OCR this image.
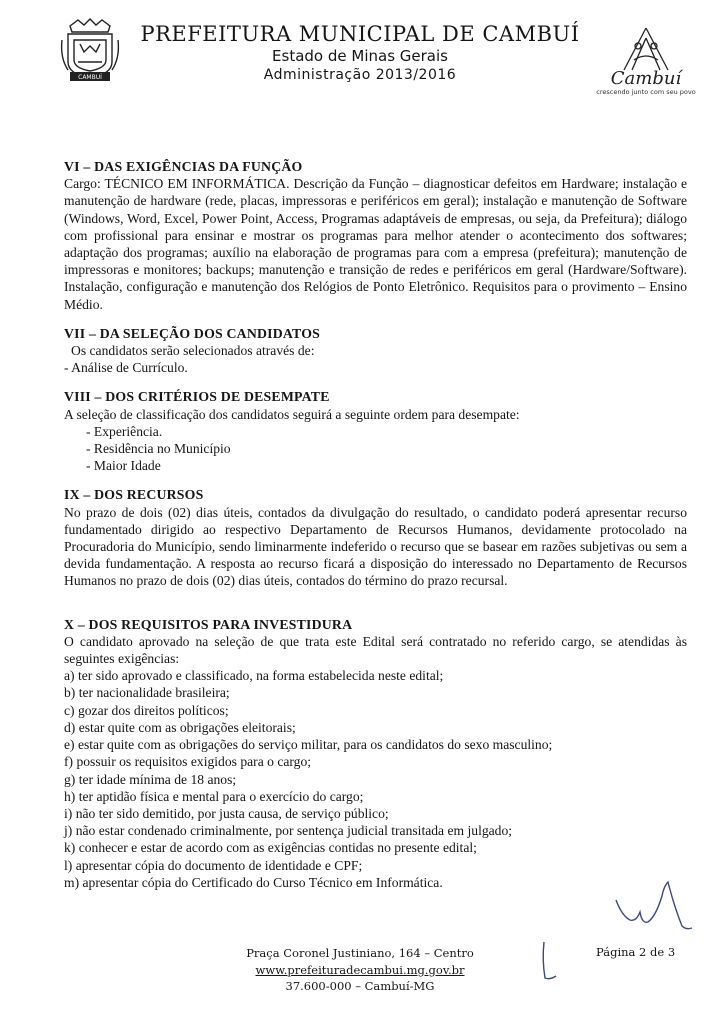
CAMBUÍ
PREFEITURA MUNICIPAL DE CAMBUÍ
Estado de Minas Gerais
Administração 2013/2016	Cambuí
crescendo junto com seu povo
VI – DAS EXIGÊNCIAS DA FUNÇÃO
Cargo: TÉCNICO EM INFORMÁTICA. Descrição da Função – diagnosticar defeitos em Hardware; instalação e manutenção de hardware (rede, placas, impressoras e periféricos em geral); instalação e manutenção de Software (Windows, Word, Excel, Power Point, Access, Programas adaptáveis de empresas, ou seja, da Prefeitura); diálogo com profissional para ensinar e mostrar os programas para melhor atender o acontecimento dos softwares; adaptação dos programas; auxílio na elaboração de programas para com a empresa (prefeitura); manutenção de impressoras e monitores; backups; manutenção e transição de redes e periféricos em geral (Hardware/Software). Instalação, configuração e manutenção dos Relógios de Ponto Eletrônico. Requisitos para o provimento – Ensino Médio.
VII – DA SELEÇÃO DOS CANDIDATOS
Os candidatos serão selecionados através de:
- Análise de Currículo.
VIII – DOS CRITÉRIOS DE DESEMPATE
A seleção de classificação dos candidatos seguirá a seguinte ordem para desempate:
- Experiência.
- Residência no Município
- Maior Idade
IX – DOS RECURSOS
No prazo de dois (02) dias úteis, contados da divulgação do resultado, o candidato poderá apresentar recurso fundamentado dirigido ao respectivo Departamento de Recursos Humanos, devidamente protocolado na Procuradoria do Município, sendo liminarmente indeferido o recurso que se basear em razões subjetivas ou sem a devida fundamentação. A resposta ao recurso ficará a disposição do interessado no Departamento de Recursos Humanos no prazo de dois (02) dias úteis, contados do término do prazo recursal.
X – DOS REQUISITOS PARA INVESTIDURA
O candidato aprovado na seleção de que trata este Edital será contratado no referido cargo, se atendidas às seguintes exigências:
a) ter sido aprovado e classificado, na forma estabelecida neste edital;
b) ter nacionalidade brasileira;
c) gozar dos direitos políticos;
d) estar quite com as obrigações eleitorais;
e) estar quite com as obrigações do serviço militar, para os candidatos do sexo masculino;
f) possuir os requisitos exigidos para o cargo;
g) ter idade mínima de 18 anos;
h) ter aptidão física e mental para o exercício do cargo;
i) não ter sido demitido, por justa causa, de serviço público;
j) não estar condenado criminalmente, por sentença judicial transitada em julgado;
k) conhecer e estar de acordo com as exigências contidas no presente edital;
l) apresentar cópia do documento de identidade e CPF;
m) apresentar cópia do Certificado do Curso Técnico em Informática.
Praça Coronel Justiniano, 164 – Centro
www.prefeituradecambui.mg.gov.br
37.600-000 – Cambuí-MG
Página 2 de 3
